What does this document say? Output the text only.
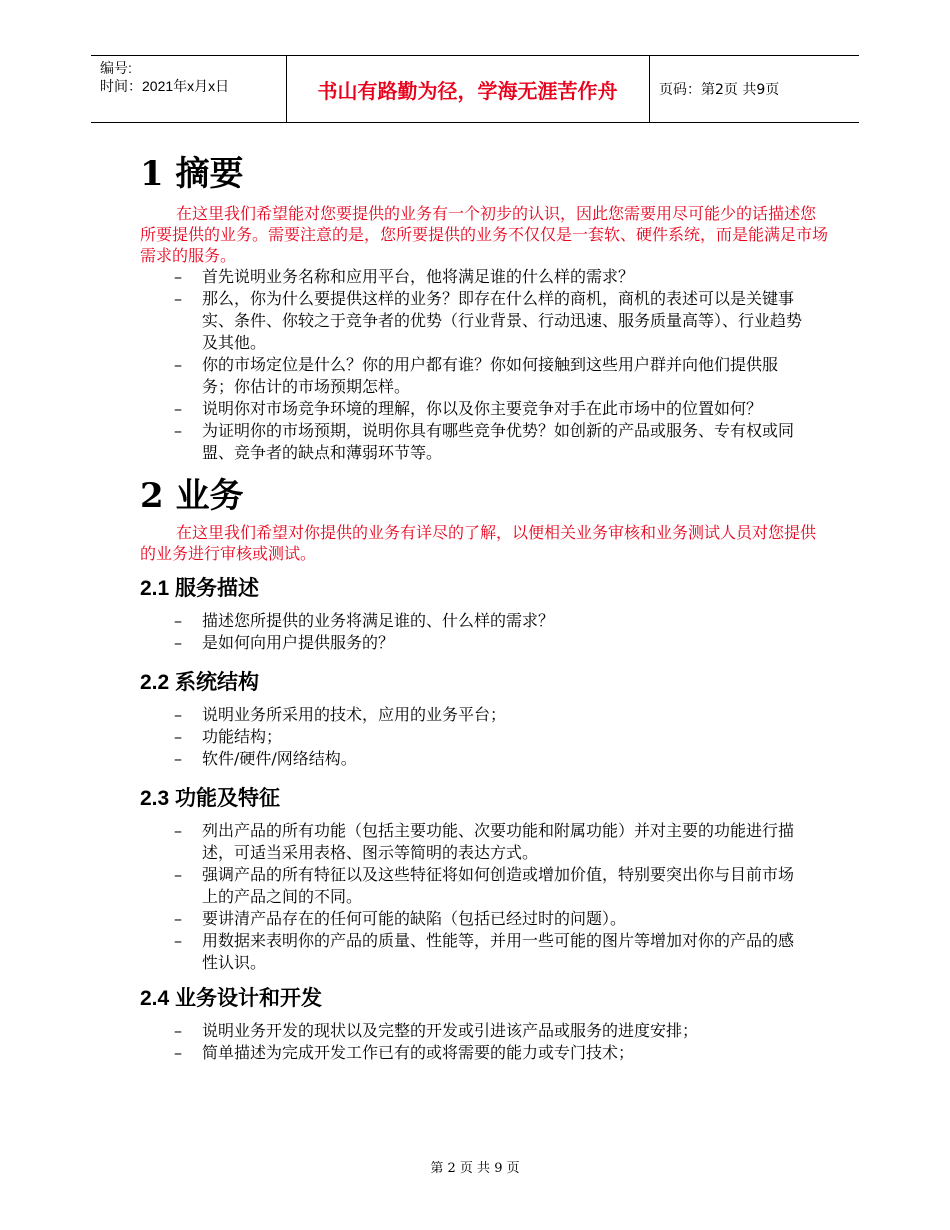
编号:
时间：2021年x月x日	书山有路勤为径，学海无涯苦作舟	页码：第2页 共9页
1 摘要

在这里我们希望能对您要提供的业务有一个初步的认识，因此您需要用尽可能少的话描述您所要提供的业务。需要注意的是，您所要提供的业务不仅仅是一套软、硬件系统，而是能满足市场需求的服务。

– 首先说明业务名称和应用平台，他将满足谁的什么样的需求？
– 那么，你为什么要提供这样的业务？即存在什么样的商机，商机的表述可以是关键事实、条件、你较之于竞争者的优势（行业背景、行动迅速、服务质量高等）、行业趋势及其他。
– 你的市场定位是什么？你的用户都有谁？你如何接触到这些用户群并向他们提供服务；你估计的市场预期怎样。
– 说明你对市场竞争环境的理解，你以及你主要竞争对手在此市场中的位置如何？
– 为证明你的市场预期，说明你具有哪些竞争优势？如创新的产品或服务、专有权或同盟、竞争者的缺点和薄弱环节等。
2 业务

在这里我们希望对你提供的业务有详尽的了解，以便相关业务审核和业务测试人员对您提供的业务进行审核或测试。

2.1 服务描述
– 描述您所提供的业务将满足谁的、什么样的需求？
– 是如何向用户提供服务的？
2.2 系统结构
– 说明业务所采用的技术，应用的业务平台；
– 功能结构；
– 软件/硬件/网络结构。
2.3 功能及特征
– 列出产品的所有功能（包括主要功能、次要功能和附属功能）并对主要的功能进行描述，可适当采用表格、图示等简明的表达方式。
– 强调产品的所有特征以及这些特征将如何创造或增加价值，特别要突出你与目前市场上的产品之间的不同。
– 要讲清产品存在的任何可能的缺陷（包括已经过时的问题）。
– 用数据来表明你的产品的质量、性能等，并用一些可能的图片等增加对你的产品的感性认识。
2.4 业务设计和开发
– 说明业务开发的现状以及完整的开发或引进该产品或服务的进度安排；
– 简单描述为完成开发工作已有的或将需要的能力或专门技术；
第 2 页 共 9 页
